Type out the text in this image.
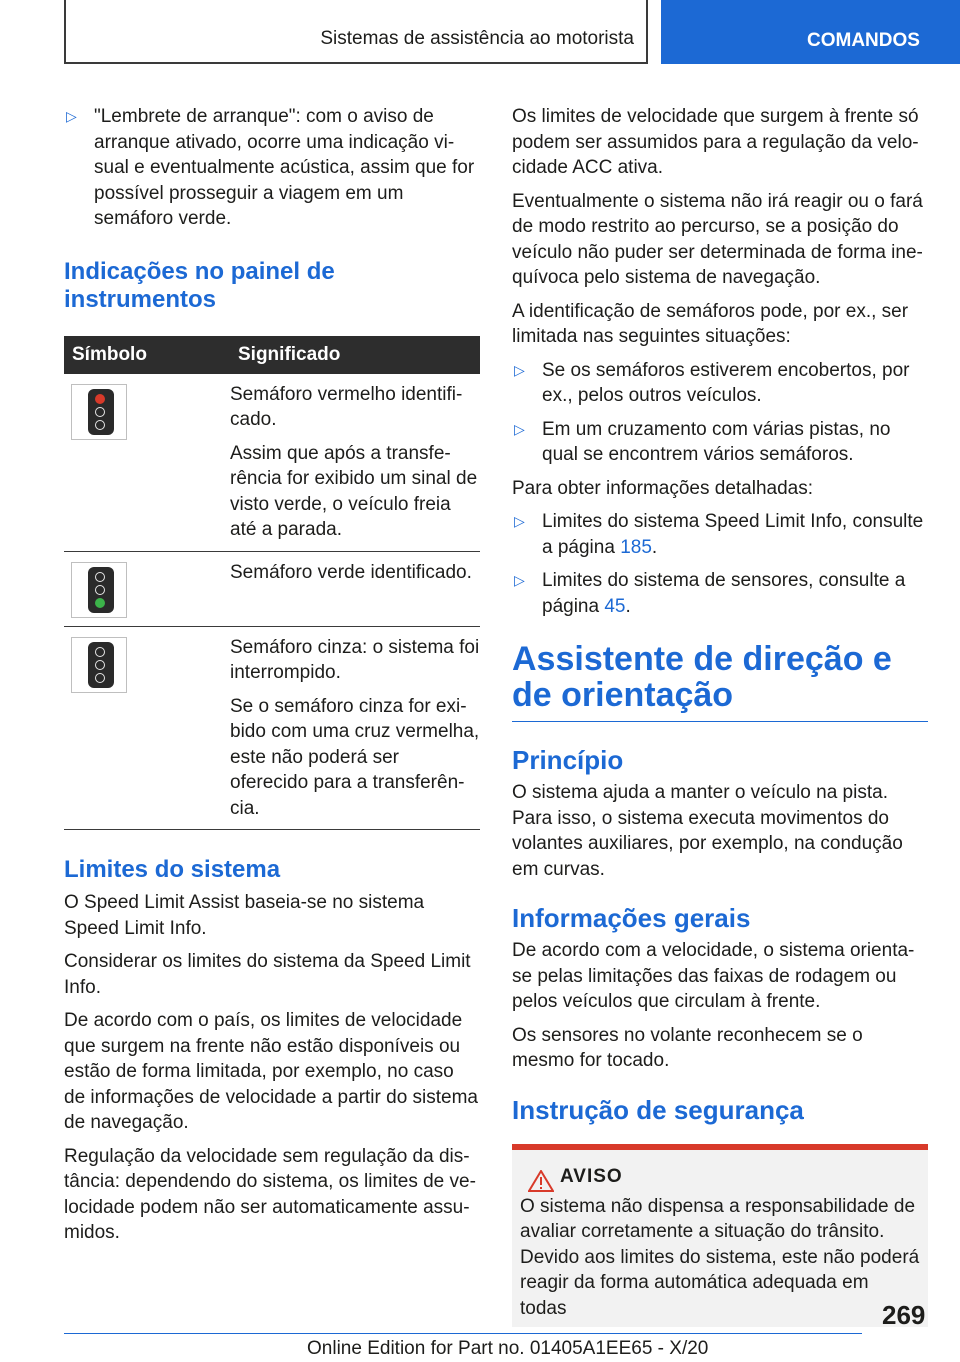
Sistemas de assistência ao motorista	COMANDOS
▷ "Lembrete de arranque": com o aviso de arranque ativado, ocorre uma indicação visual e eventualmente acústica, assim que for possível prosseguir a viagem em um semáforo verde.
Indicações no painel de instrumentos
Símbolo	Significado

	Semáforo vermelho identificado.

Assim que após a transferência for exibido um sinal de visto verde, o veículo freia até a parada.

	Semáforo verde identificado.

	Semáforo cinza: o sistema foi interrompido.

Se o semáforo cinza for exibido com uma cruz vermelha, este não poderá ser oferecido para a transferência.

Limites do sistema

O Speed Limit Assist baseia-se no sistema Speed Limit Info.

Considerar os limites do sistema da Speed Limit Info.

De acordo com o país, os limites de velocidade que surgem na frente não estão disponíveis ou estão de forma limitada, por exemplo, no caso de informações de velocidade a partir do sistema de navegação.

Regulação da velocidade sem regulação da distância: dependendo do sistema, os limites de velocidade podem não ser automaticamente assumidos.

Os limites de velocidade que surgem à frente só podem ser assumidos para a regulação da velocidade ACC ativa.

Eventualmente o sistema não irá reagir ou o fará de modo restrito ao percurso, se a posição do veículo não puder ser determinada de forma inequívoca pelo sistema de navegação.

A identificação de semáforos pode, por ex., ser limitada nas seguintes situações:

▷ Se os semáforos estiverem encobertos, por ex., pelos outros veículos.
▷ Em um cruzamento com várias pistas, no qual se encontrem vários semáforos.

Para obter informações detalhadas:

▷ Limites do sistema Speed Limit Info, consulte a página 185.
▷ Limites do sistema de sensores, consulte a página 45.
Assistente de direção e de orientação
Princípio

O sistema ajuda a manter o veículo na pista. Para isso, o sistema executa movimentos do volantes auxiliares, por exemplo, na condução em curvas.

Informações gerais

De acordo com a velocidade, o sistema orienta-se pelas limitações das faixas de rodagem ou pelos veículos que circulam à frente.

Os sensores no volante reconhecem se o mesmo for tocado.

Instrução de segurança
AVISO

O sistema não dispensa a responsabilidade de avaliar corretamente a situação do trânsito. Devido aos limites do sistema, este não poderá reagir da forma automática adequada em todas	269
Online Edition for Part no. 01405A1EE65 - X/20
